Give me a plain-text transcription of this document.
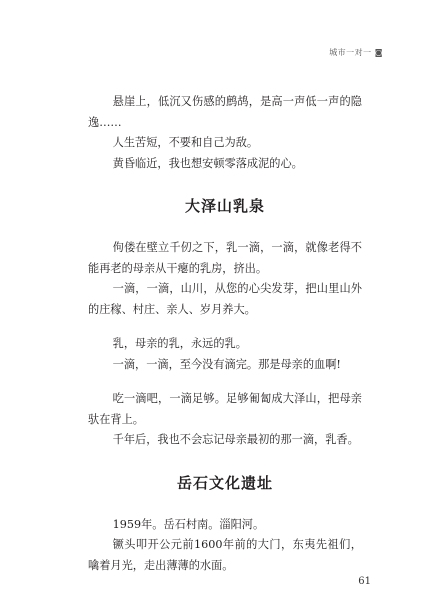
城市一对一 ◙

悬崖上，低沉又伤感的鹧鸪，是高一声低一声的隐逸……

人生苦短，不要和自己为敌。

黄昏临近，我也想安顿零落成泥的心。

大泽山乳泉

佝偻在壁立千仞之下，乳一滴，一滴，就像老得不能再老的母亲从干瘪的乳房，挤出。

一滴，一滴，山川，从您的心尖发芽，把山里山外的庄稼、村庄、亲人、岁月养大。

乳，母亲的乳，永远的乳。

一滴，一滴，至今没有滴完。那是母亲的血啊!

吃一滴吧，一滴足够。足够匍匐成大泽山，把母亲驮在背上。

千年后，我也不会忘记母亲最初的那一滴，乳香。

岳石文化遗址

1959年。岳石村南。淄阳河。

镢头叩开公元前1600年前的大门，东夷先祖们，噙着月光，走出薄薄的水面。

61
